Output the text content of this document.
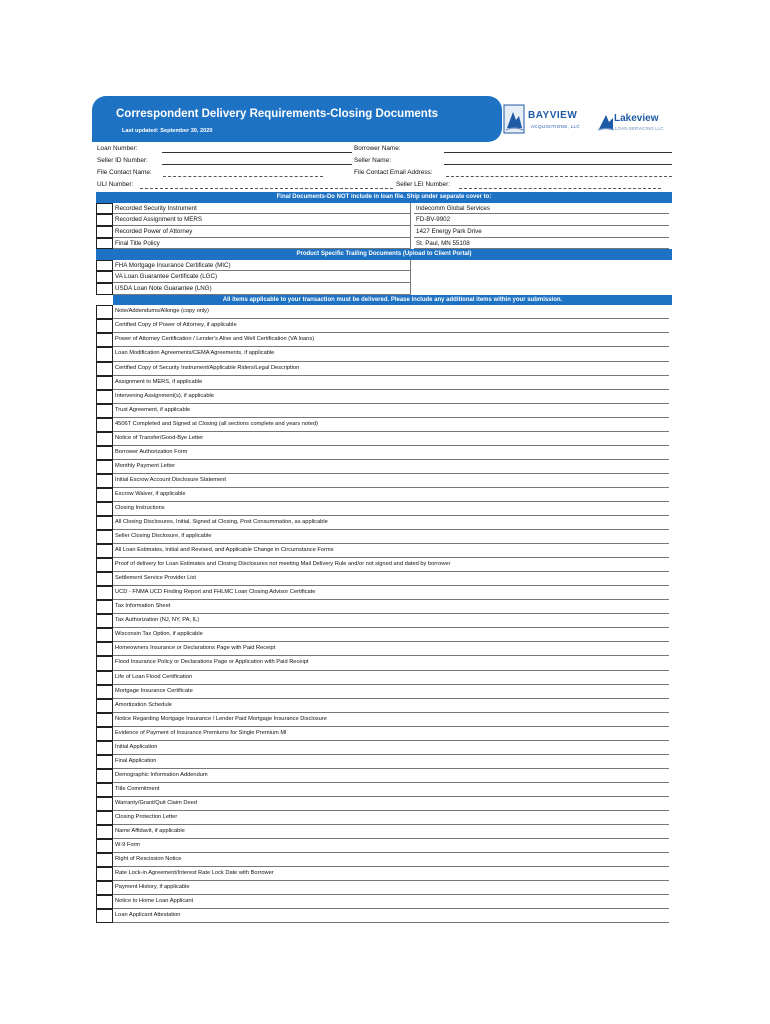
Correspondent Delivery Requirements-Closing Documents
Last updated: September 30, 2020
BAYVIEW
ACQUISITIONS, LLC
Lakeview
LOAN SERVICING LLC
Loan Number:	Borrower Name:
Seller ID Number:	Seller Name:
File Contact Name:	File Contact Email Address:
ULI Number:	Seller LEI Number:
Final Documents-Do NOT include in loan file. Ship under separate cover to:
Recorded Security Instrument	Indecomm Global Services
Recorded Assignment to MERS	FD-BV-9902
Recorded Power of Attorney	1427 Energy Park Drive
Final Title Policy	St. Paul, MN 55108
Product Specific Trailing Documents (Upload to Client Portal)
FHA Mortgage Insurance Certificate (MIC)
VA Loan Guarantee Certificate (LGC)
USDA Loan Note Guarantee (LNG)
All items applicable to your transaction must be delivered. Please include any additional items within your submission.
Note/Addendums/Allonge (copy only)
Certified Copy of Power of Attorney, if applicable
Power of Attorney Certification / Lender's Alive and Well Certification (VA loans)
Loan Modification Agreements/CEMA Agreements, if applicable
Certified Copy of Security Instrument/Applicable Riders/Legal Description
Assignment to MERS, if applicable
Intervening Assignment(s), if applicable
Trust Agreement, if applicable
4506T Completed and Signed at Closing (all sections complete and years noted)
Notice of Transfer/Good-Bye Letter
Borrower Authorization Form
Monthly Payment Letter
Initial Escrow Account Disclosure Statement
Escrow Waiver, if applicable
Closing Instructions
All Closing Disclosures, Initial, Signed at Closing, Post Consummation, as applicable
Seller Closing Disclosure, if applicable
All Loan Estimates, Initial and Revised, and Applicable Change in Circumstance Forms
Proof of delivery for Loan Estimates and Closing Disclosures not meeting Mail Delivery Rule and/or not signed and dated by borrower
Settlement Service Provider List
UCD - FNMA UCD Finding Report and FHLMC Loan Closing Advisor Certificate
Tax Information Sheet
Tax Authorization (NJ, NY, PA, IL)
Wisconsin Tax Option, if applicable
Homeowners Insurance or Declarations Page with Paid Receipt
Flood Insurance Policy or Declarations Page or Application with Paid Receipt
Life of Loan Flood Certification
Mortgage Insurance Certificate
Amortization Schedule
Notice Regarding Mortgage Insurance / Lender Paid Mortgage Insurance Disclosure
Evidence of Payment of Insurance Premiums for Single Premium MI
Initial Application
Final Application
Demographic Information Addendum
Title Commitment
Warranty/Grant/Quit Claim Deed
Closing Protection Letter
Name Affidavit, if applicable
W-9 Form
Right of Rescission Notice
Rate Lock-in Agreement/Interest Rate Lock Date with Borrower
Payment History, if applicable
Notice to Home Loan Applicant
Loan Applicant Attestation
